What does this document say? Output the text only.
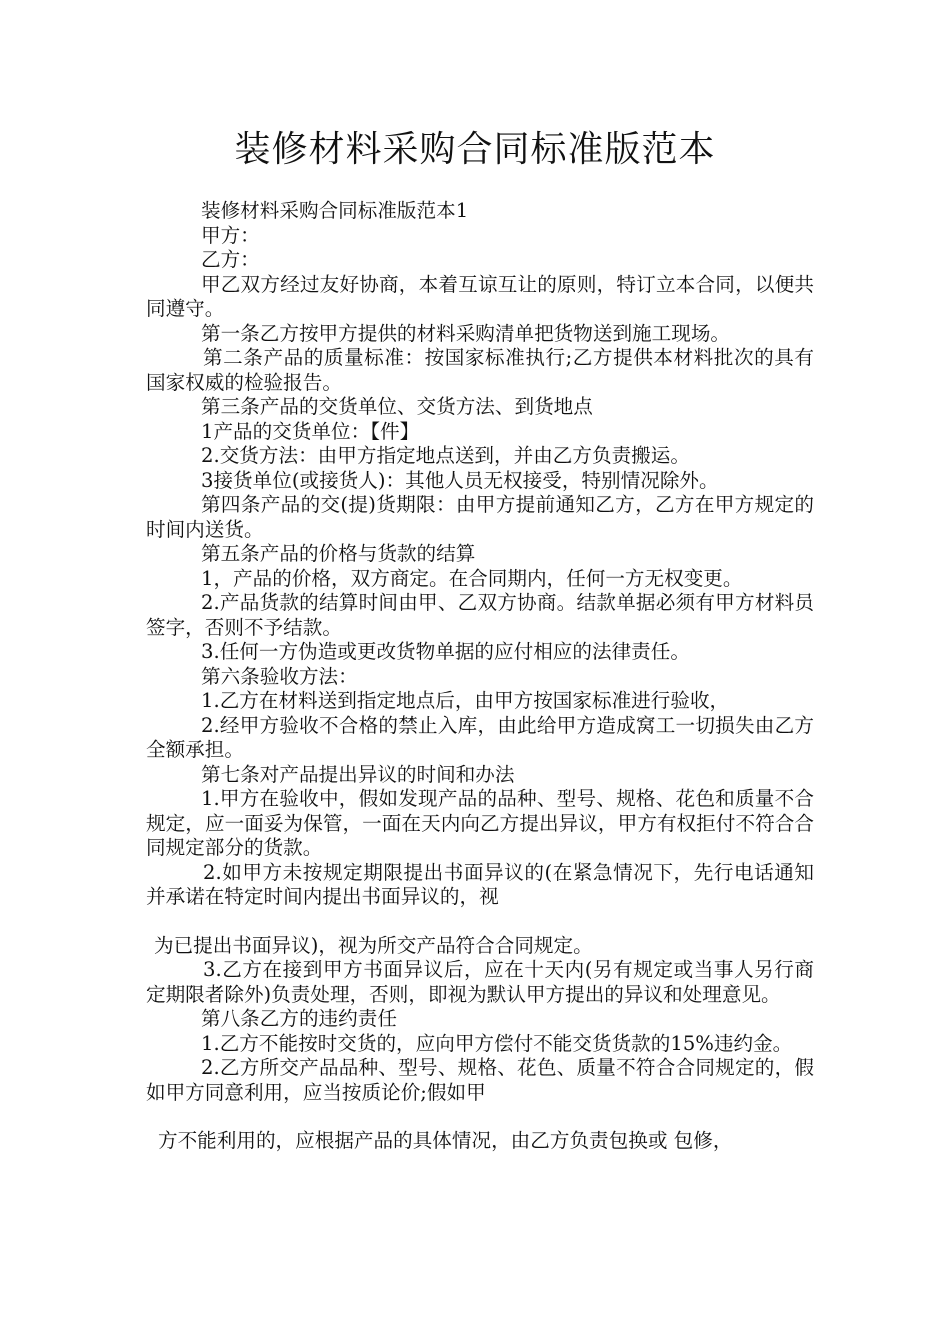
装修材料采购合同标准版范本

装修材料采购合同标准版范本1

甲方：

乙方：

甲乙双方经过友好协商，本着互谅互让的原则，特订立本合同，以便共同遵守。

第一条乙方按甲方提供的材料采购清单把货物送到施工现场。

第二条产品的质量标准：按国家标准执行;乙方提供本材料批次的具有国家权威的检验报告。

第三条产品的交货单位、交货方法、到货地点

1产品的交货单位：【件】

2.交货方法：由甲方指定地点送到，并由乙方负责搬运。

3接货单位(或接货人)：其他人员无权接受，特别情况除外。

第四条产品的交(提)货期限：由甲方提前通知乙方，乙方在甲方规定的时间内送货。

第五条产品的价格与货款的结算

1，产品的价格，双方商定。在合同期内，任何一方无权变更。

2.产品货款的结算时间由甲、乙双方协商。结款单据必须有甲方材料员签字，否则不予结款。

3.任何一方伪造或更改货物单据的应付相应的法律责任。

第六条验收方法：

1.乙方在材料送到指定地点后，由甲方按国家标准进行验收，

2.经甲方验收不合格的禁止入库，由此给甲方造成窝工一切损失由乙方全额承担。

第七条对产品提出异议的时间和办法

1.甲方在验收中，假如发现产品的品种、型号、规格、花色和质量不合规定，应一面妥为保管，一面在天内向乙方提出异议，甲方有权拒付不符合合同规定部分的货款。

2.如甲方未按规定期限提出书面异议的(在紧急情况下，先行电话通知并承诺在特定时间内提出书面异议的，视

为已提出书面异议)，视为所交产品符合合同规定。

3.乙方在接到甲方书面异议后，应在十天内(另有规定或当事人另行商定期限者除外)负责处理，否则，即视为默认甲方提出的异议和处理意见。

第八条乙方的违约责任

1.乙方不能按时交货的，应向甲方偿付不能交货货款的15%违约金。

2.乙方所交产品品种、型号、规格、花色、质量不符合合同规定的，假如甲方同意利用，应当按质论价;假如甲

方不能利用的，应根据产品的具体情况，由乙方负责包换或 包修，
